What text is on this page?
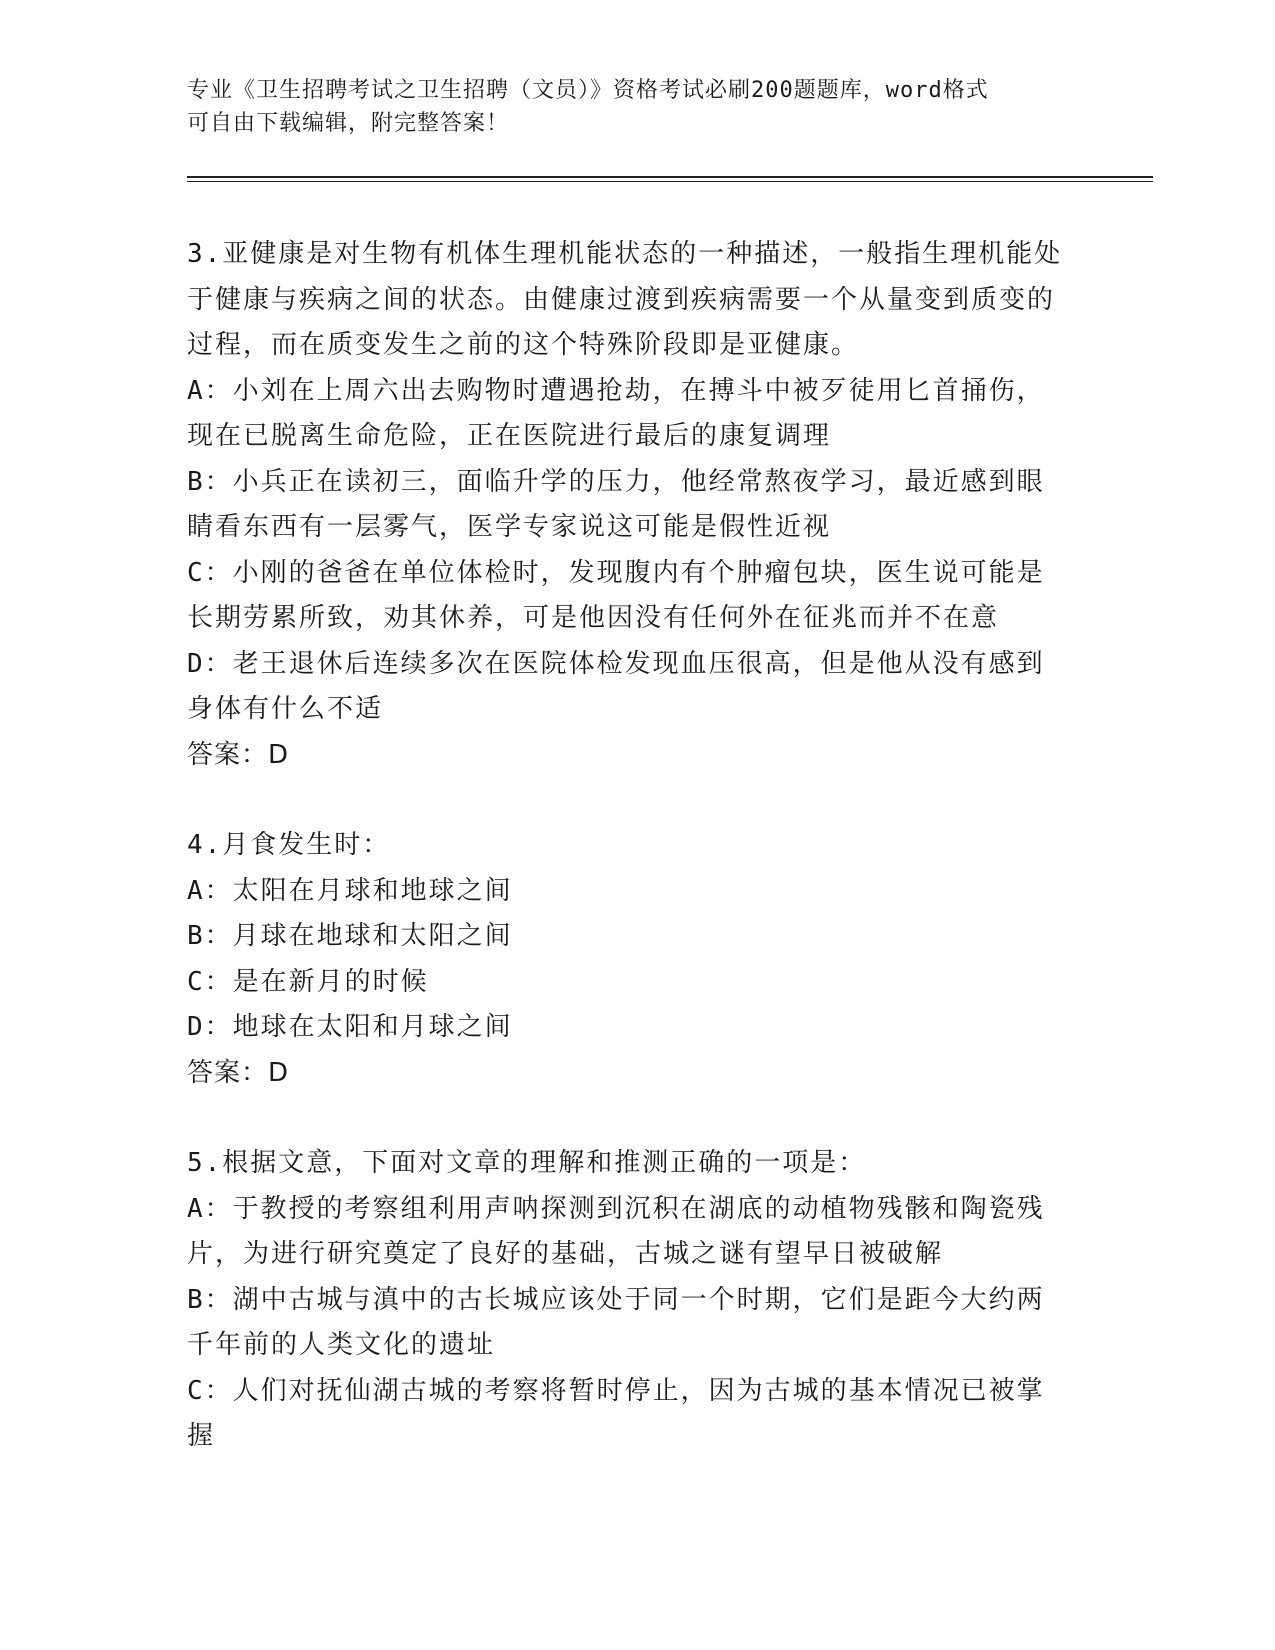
专业《卫生招聘考试之卫生招聘（文员）》资格考试必刷200题题库，word格式
可自由下载编辑，附完整答案！

3.亚健康是对生物有机体生理机能状态的一种描述，一般指生理机能处于健康与疾病之间的状态。由健康过渡到疾病需要一个从量变到质变的过程，而在质变发生之前的这个特殊阶段即是亚健康。

A：小刘在上周六出去购物时遭遇抢劫，在搏斗中被歹徒用匕首捅伤，现在已脱离生命危险，正在医院进行最后的康复调理

B：小兵正在读初三，面临升学的压力，他经常熬夜学习，最近感到眼睛看东西有一层雾气，医学专家说这可能是假性近视

C：小刚的爸爸在单位体检时，发现腹内有个肿瘤包块，医生说可能是长期劳累所致，劝其休养，可是他因没有任何外在征兆而并不在意

D：老王退休后连续多次在医院体检发现血压很高，但是他从没有感到身体有什么不适

答案：D

4.月食发生时：

A：太阳在月球和地球之间

B：月球在地球和太阳之间

C：是在新月的时候

D：地球在太阳和月球之间

答案：D

5.根据文意，下面对文章的理解和推测正确的一项是：

A：于教授的考察组利用声呐探测到沉积在湖底的动植物残骸和陶瓷残片，为进行研究奠定了良好的基础，古城之谜有望早日被破解

B：湖中古城与滇中的古长城应该处于同一个时期，它们是距今大约两千年前的人类文化的遗址

C：人们对抚仙湖古城的考察将暂时停止，因为古城的基本情况已被掌握
